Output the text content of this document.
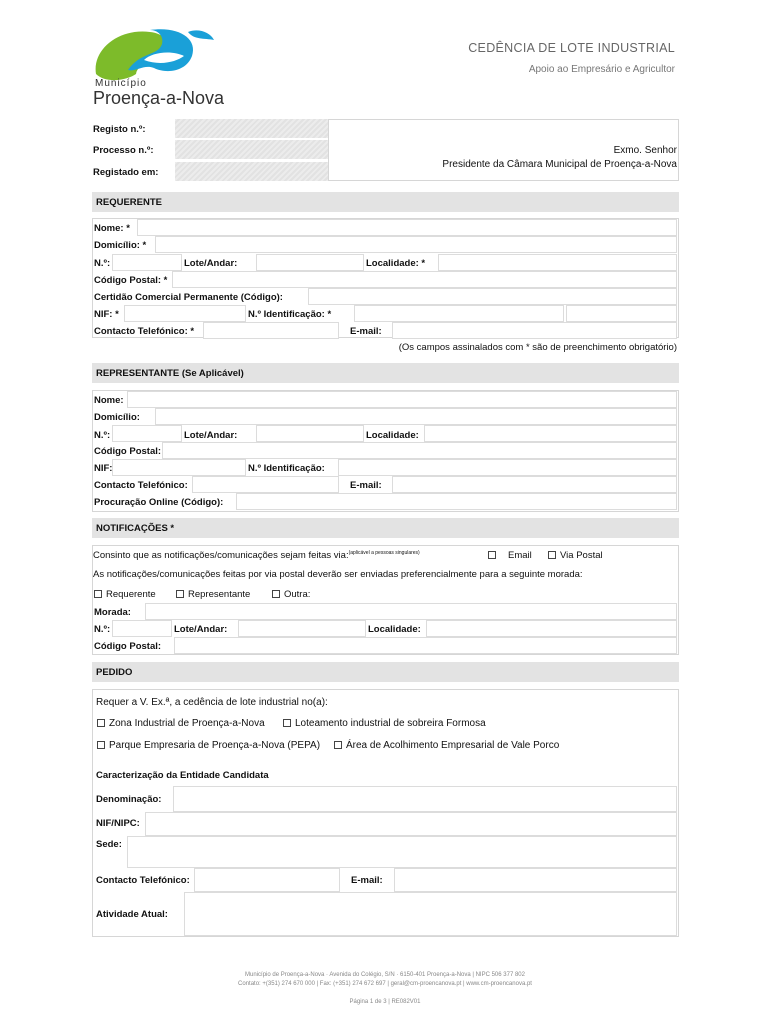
Município
Proença-a-Nova
CEDÊNCIA DE LOTE INDUSTRIAL
Apoio ao Empresário e Agricultor
Registo n.º:
Processo n.º:
Registado em:
Exmo. Senhor
Presidente da Câmara Municipal de Proença-a-Nova
REQUERENTE
Nome: *
Domicílio: *
N.º:	Lote/Andar:	Localidade: *
Código Postal: *
Certidão Comercial Permanente (Código):
NIF: *	N.º Identificação: *
Contacto Telefónico: *	E-mail:
(Os campos assinalados com * são de preenchimento obrigatório)
REPRESENTANTE (Se Aplicável)
Nome:
Domicílio:
N.º:	Lote/Andar:	Localidade:
Código Postal:
NIF:	N.º Identificação:
Contacto Telefónico:	E-mail:
Procuração Online (Código):
NOTIFICAÇÕES *
Consinto que as notificações/comunicações sejam feitas via:$^{(aplicável a pessoas singulares)}$	Email	Via Postal
As notificações/comunicações feitas por via postal deverão ser enviadas preferencialmente para a seguinte morada:
Requerente	Representante	Outra:
Morada:
N.º:	Lote/Andar:	Localidade:
Código Postal:
PEDIDO
Requer a V. Ex.ª, a cedência de lote industrial no(a):
Zona Industrial de Proença-a-Nova	Loteamento industrial de sobreira Formosa
Parque Empresaria de Proença-a-Nova (PEPA)	Área de Acolhimento Empresarial de Vale Porco
Caracterização da Entidade Candidata
Denominação:
NIF/NIPC:
Sede:
Contacto Telefónico:	E-mail:
Atividade Atual:
Município de Proença-a-Nova · Avenida do Colégio, S/N · 6150-401 Proença-a-Nova | NIPC 506 377 802
Contato: +(351) 274 670 000 | Fax: (+351) 274 672 697 | geral@cm-proencanova.pt | www.cm-proencanova.pt
Página 1 de 3 | RE082V01
